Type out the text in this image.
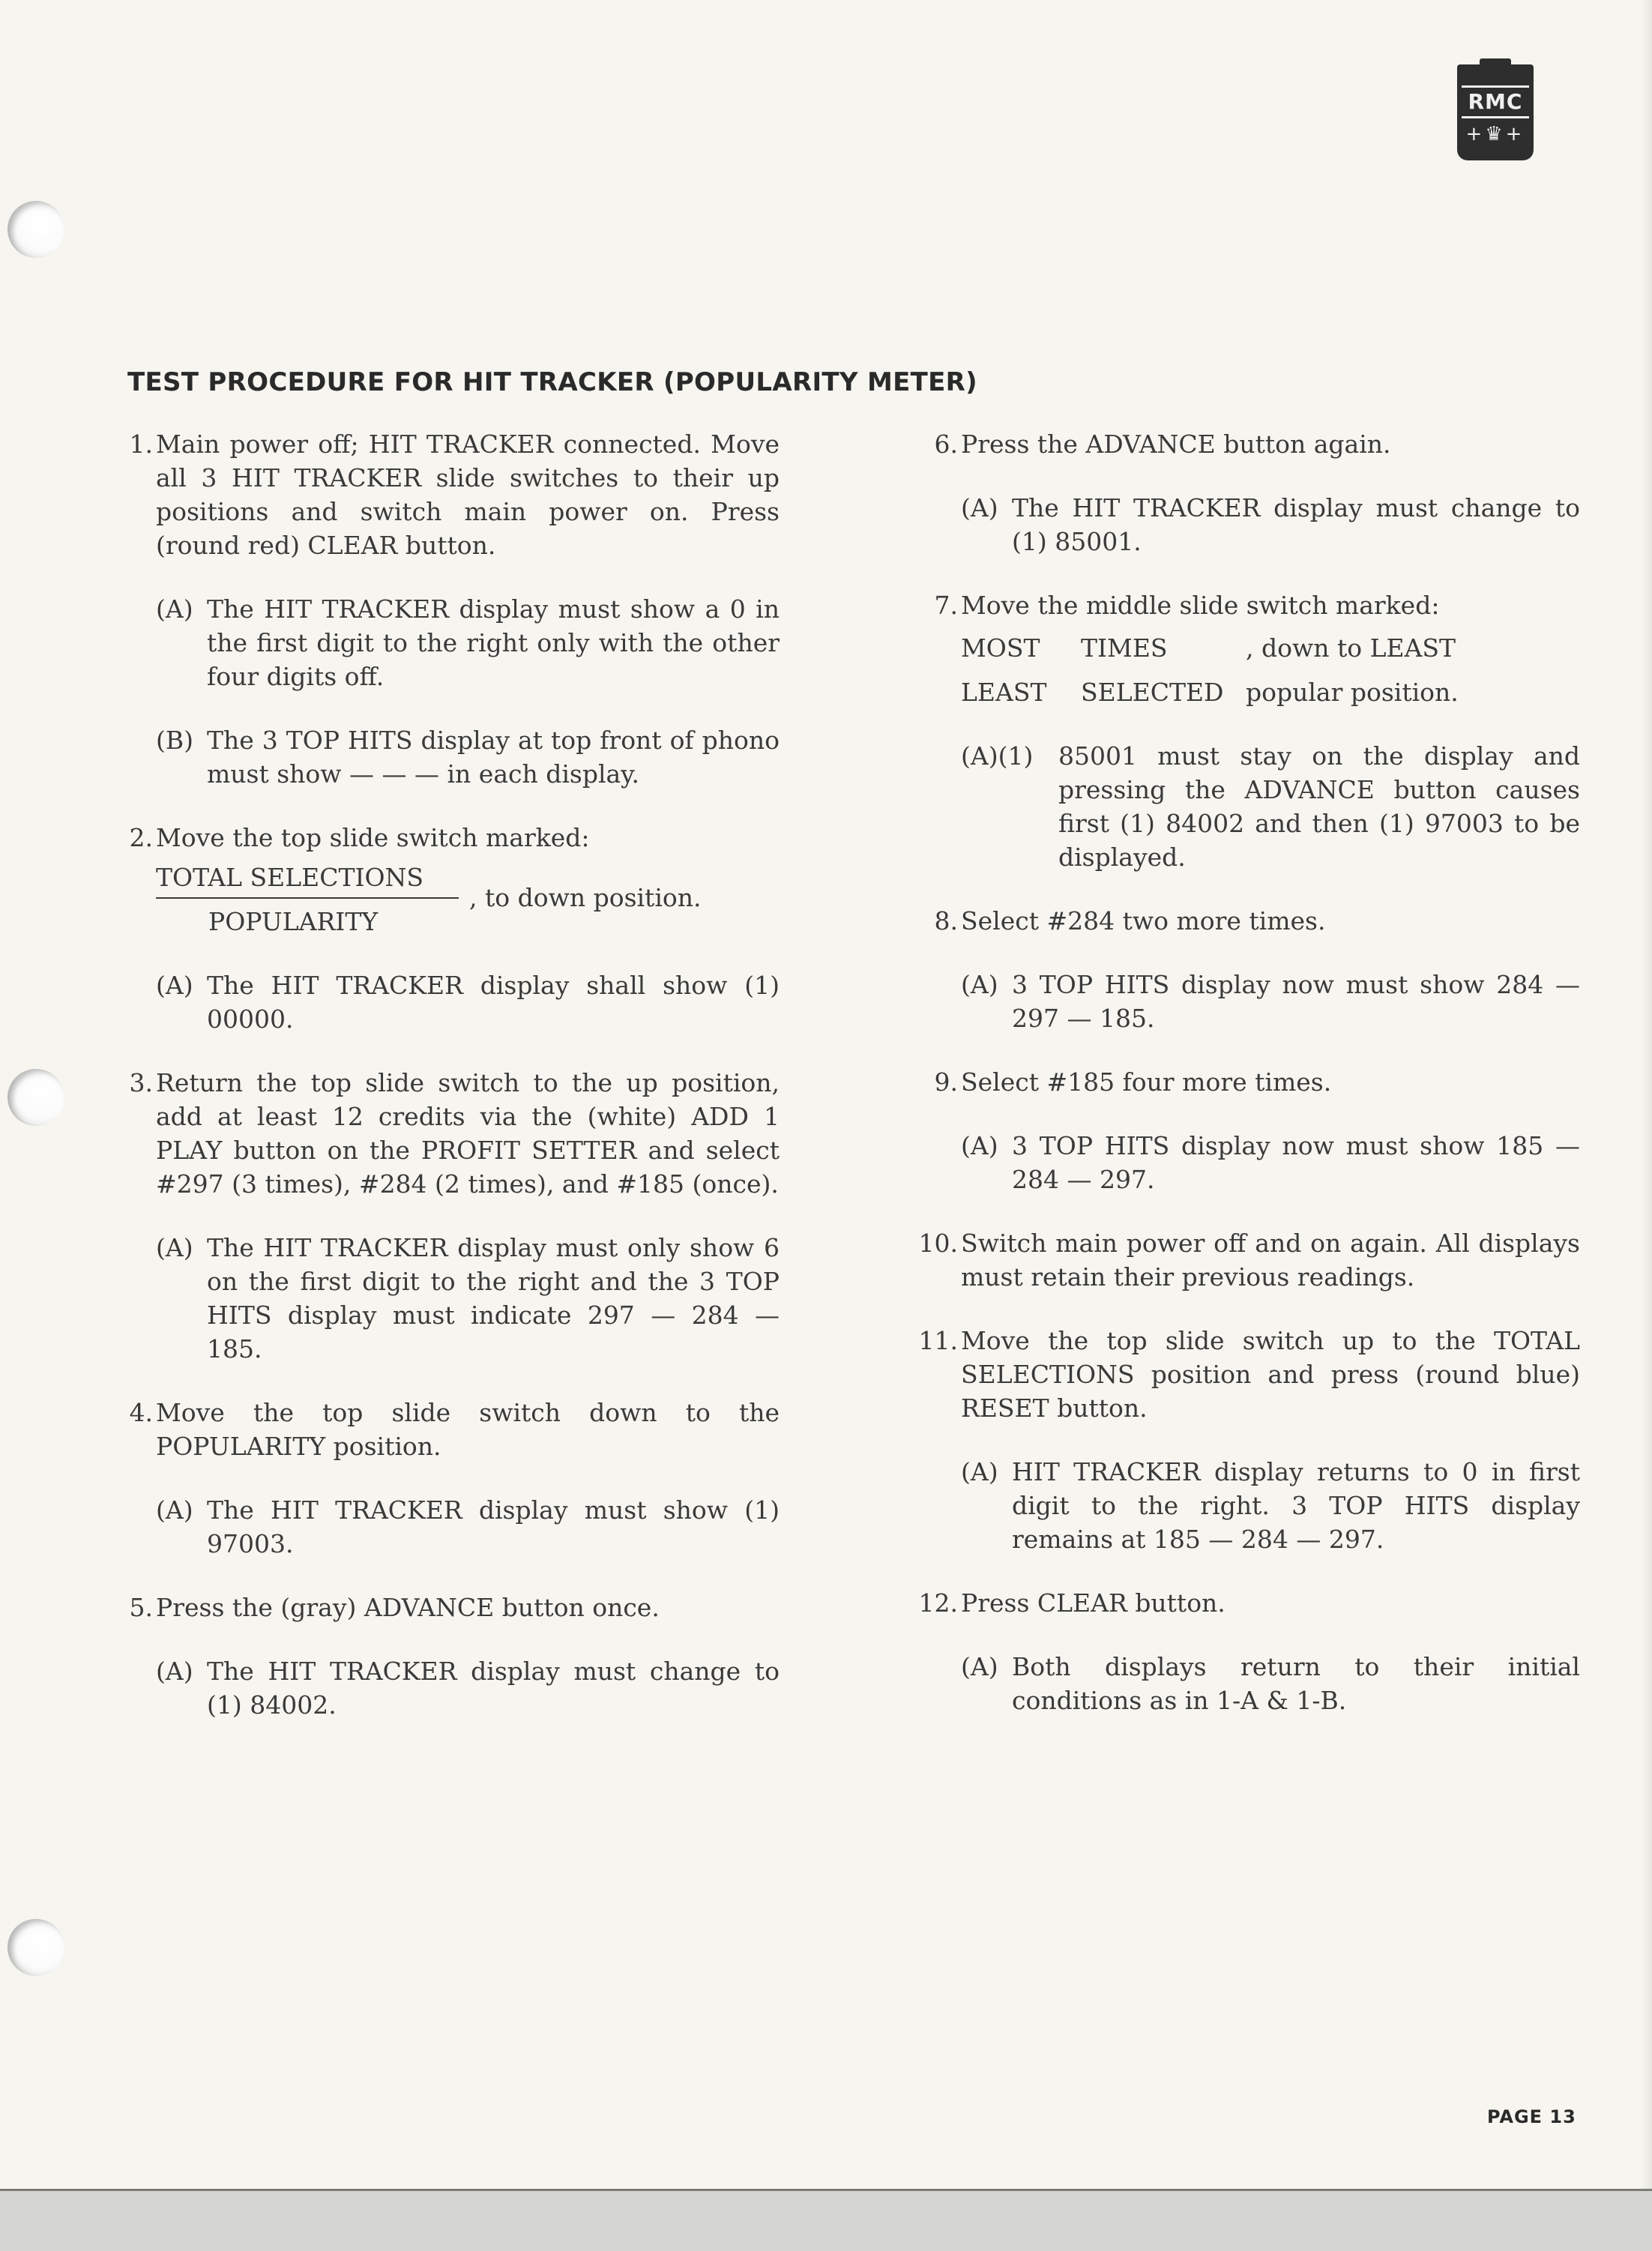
RMC
+♛+
TEST PROCEDURE FOR HIT TRACKER (POPULARITY METER)
1. Main power off; HIT TRACKER connected. Move all 3 HIT TRACKER slide switches to their up positions and switch main power on. Press (round red) CLEAR button.

(A) The HIT TRACKER display must show a 0 in the first digit to the right only with the other four digits off.
(B) The 3 TOP HITS display at top front of phono must show — — — in each display.
2. Move the top slide switch marked:

$\frac{\text{TOTAL SELECTIONS}}{\text{POPULARITY}}$ , to down position.
(A) The HIT TRACKER display shall show (1) 00000.
3. Return the top slide switch to the up position, add at least 12 credits via the (white) ADD 1 PLAY button on the PROFIT SETTER and select #297 (3 times), #284 (2 times), and #185 (once).

(A) The HIT TRACKER display must only show 6 on the first digit to the right and the 3 TOP HITS display must indicate 297 — 284 — 185.
4. Move the top slide switch down to the POPULARITY position.

(A) The HIT TRACKER display must show (1) 97003.
5. Press the (gray) ADVANCE button once.

(A) The HIT TRACKER display must change to (1) 84002.
6. Press the ADVANCE button again.

(A) The HIT TRACKER display must change to (1) 85001.
7. Move the middle slide switch marked:

MOST	TIMES	, down to LEAST
LEAST	SELECTED popular position.
(A)(1) 85001 must stay on the display and pressing the ADVANCE button causes first (1) 84002 and then (1) 97003 to be displayed.
8. Select #284 two more times.

(A) 3 TOP HITS display now must show 284 — 297 — 185.
9. Select #185 four more times.

(A) 3 TOP HITS display now must show 185 — 284 — 297.
10. Switch main power off and on again. All displays must retain their previous readings.

11. Move the top slide switch up to the TOTAL SELECTIONS position and press (round blue) RESET button.

(A) HIT TRACKER display returns to 0 in first digit to the right. 3 TOP HITS display remains at 185 — 284 — 297.
12. Press CLEAR button.

(A) Both displays return to their initial conditions as in 1-A & 1-B.

PAGE 13
